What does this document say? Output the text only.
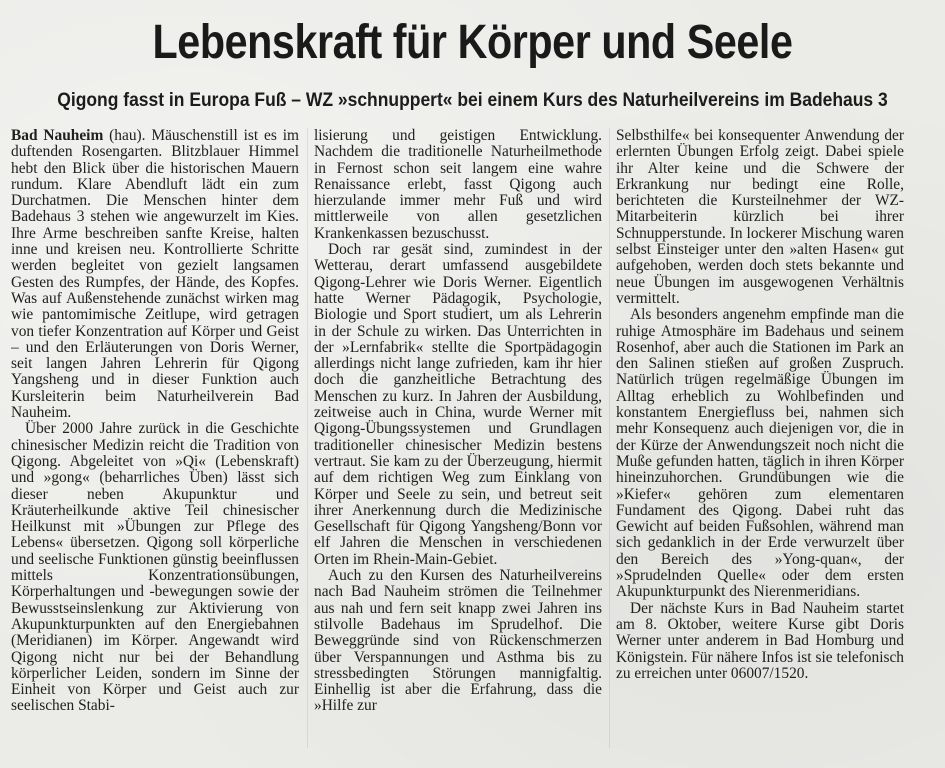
Lebenskraft für Körper und Seele
Qigong fasst in Europa Fuß – WZ »schnuppert« bei einem Kurs des Naturheilvereins im Badehaus 3

Bad Nauheim (hau). Mäuschenstill ist es im duftenden Rosengarten. Blitzblauer Himmel hebt den Blick über die historischen Mauern rundum. Klare Abendluft lädt ein zum Durchatmen. Die Menschen hinter dem Badehaus 3 stehen wie angewurzelt im Kies. Ihre Arme beschreiben sanfte Kreise, halten inne und kreisen neu. Kontrollierte Schritte werden begleitet von gezielt langsamen Gesten des Rumpfes, der Hände, des Kopfes. Was auf Außenstehende zunächst wirken mag wie pantomimische Zeitlupe, wird getragen von tiefer Konzentration auf Körper und Geist – und den Erläuterungen von Doris Werner, seit langen Jahren Lehrerin für Qigong Yangsheng und in dieser Funktion auch Kursleiterin beim Naturheilverein Bad Nauheim.

Über 2000 Jahre zurück in die Geschichte chinesischer Medizin reicht die Tradition von Qigong. Abgeleitet von »Qi« (Lebenskraft) und »gong« (beharrliches Üben) lässt sich dieser neben Akupunktur und Kräuterheilkunde aktive Teil chinesischer Heilkunst mit »Übungen zur Pflege des Lebens« übersetzen. Qigong soll körperliche und seelische Funktionen günstig beeinflussen mittels Konzentrationsübungen, Körperhaltungen und -bewegungen sowie der Bewusstseinslenkung zur Aktivierung von Akupunkturpunkten auf den Energiebahnen (Meridianen) im Körper. Angewandt wird Qigong nicht nur bei der Behandlung körperlicher Leiden, sondern im Sinne der Einheit von Körper und Geist auch zur seelischen Stabi-

lisierung und geistigen Entwicklung. Nachdem die traditionelle Naturheilmethode in Fernost schon seit langem eine wahre Renaissance erlebt, fasst Qigong auch hierzulande immer mehr Fuß und wird mittlerweile von allen gesetzlichen Krankenkassen bezuschusst.

Doch rar gesät sind, zumindest in der Wetterau, derart umfassend ausgebildete Qigong-Lehrer wie Doris Werner. Eigentlich hatte Werner Pädagogik, Psychologie, Biologie und Sport studiert, um als Lehrerin in der Schule zu wirken. Das Unterrichten in der »Lernfabrik« stellte die Sportpädagogin allerdings nicht lange zufrieden, kam ihr hier doch die ganzheitliche Betrachtung des Menschen zu kurz. In Jahren der Ausbildung, zeitweise auch in China, wurde Werner mit Qigong-Übungssystemen und Grundlagen traditioneller chinesischer Medizin bestens vertraut. Sie kam zu der Überzeugung, hiermit auf dem richtigen Weg zum Einklang von Körper und Seele zu sein, und betreut seit ihrer Anerkennung durch die Medizinische Gesellschaft für Qigong Yangsheng/Bonn vor elf Jahren die Menschen in verschiedenen Orten im Rhein-Main-Gebiet.

Auch zu den Kursen des Naturheilvereins nach Bad Nauheim strömen die Teilnehmer aus nah und fern seit knapp zwei Jahren ins stilvolle Badehaus im Sprudelhof. Die Beweggründe sind von Rückenschmerzen über Verspannungen und Asthma bis zu stressbedingten Störungen mannigfaltig. Einhellig ist aber die Erfahrung, dass die »Hilfe zur

Selbsthilfe« bei konsequenter Anwendung der erlernten Übungen Erfolg zeigt. Dabei spiele ihr Alter keine und die Schwere der Erkrankung nur bedingt eine Rolle, berichteten die Kursteilnehmer der WZ-Mitarbeiterin kürzlich bei ihrer Schnupperstunde. In lockerer Mischung waren selbst Einsteiger unter den »alten Hasen« gut aufgehoben, werden doch stets bekannte und neue Übungen im ausgewogenen Verhältnis vermittelt.

Als besonders angenehm empfinde man die ruhige Atmosphäre im Badehaus und seinem Rosenhof, aber auch die Stationen im Park an den Salinen stießen auf großen Zuspruch. Natürlich trügen regelmäßige Übungen im Alltag erheblich zu Wohlbefinden und konstantem Energiefluss bei, nahmen sich mehr Konsequenz auch diejenigen vor, die in der Kürze der Anwendungszeit noch nicht die Muße gefunden hatten, täglich in ihren Körper hineinzuhorchen. Grundübungen wie die »Kiefer« gehören zum elementaren Fundament des Qigong. Dabei ruht das Gewicht auf beiden Fußsohlen, während man sich gedanklich in der Erde verwurzelt über den Bereich des »Yong-quan«, der »Sprudelnden Quelle« oder dem ersten Akupunkturpunkt des Nierenmeridians.

Der nächste Kurs in Bad Nauheim startet am 8. Oktober, weitere Kurse gibt Doris Werner unter anderem in Bad Homburg und Königstein. Für nähere Infos ist sie telefonisch zu erreichen unter 06007/1520.
